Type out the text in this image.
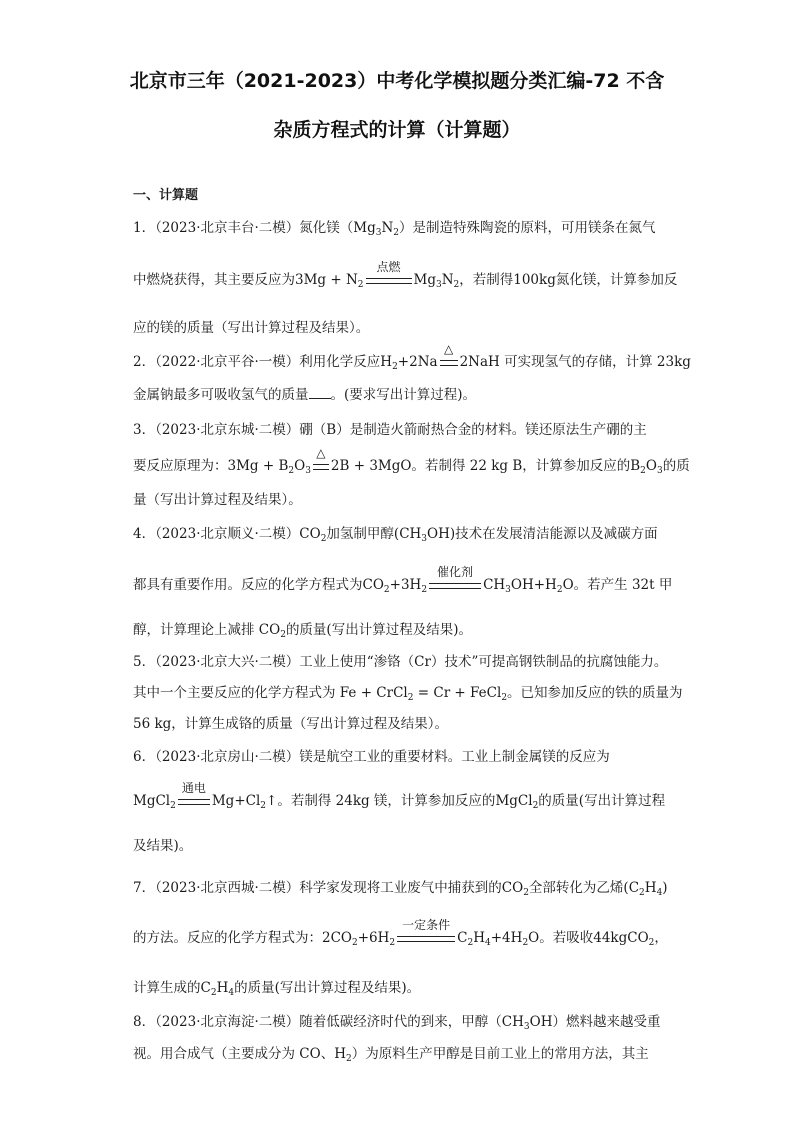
北京市三年（2021-2023）中考化学模拟题分类汇编-72 不含
杂质方程式的计算（计算题）
一、计算题
1．（2023·北京丰台·二模）氮化镁$(Mg_3N_2)$是制造特殊陶瓷的原料，可用镁条在氮气
中燃烧获得，其主要反应为$3Mg + N_2$
点燃
$Mg_3N_2$，若制得100kg氮化镁，计算参加反
应的镁的质量（写出计算过程及结果）。
2．（2022·北京平谷·一模）利用化学反应$H_2+2Na$
△
2NaH 可实现氢气的存储，计算 23kg
金属钠最多可吸收氢气的质量 。(要求写出计算过程)。
3．（2023·北京东城·二模）硼（B）是制造火箭耐热合金的材料。镁还原法生产硼的主
要反应原理为：$3Mg + B_2O_3$
△
2B + 3MgO。若制得 22 kg B，计算参加反应的$B_2O_3$的质
量（写出计算过程及结果）。
4．（2023·北京顺义·二模）$CO_2$加氢制甲醇$(CH_3OH)$技术在发展清洁能源以及减碳方面
都具有重要作用。反应的化学方程式为$CO_2+3H_2$
催化剂
$CH_3OH+H_2O$。若产生 32t 甲
醇，计算理论上减排 $CO_2$的质量(写出计算过程及结果)。
5．（2023·北京大兴·二模）工业上使用“渗铬（Cr）技术”可提高钢铁制品的抗腐蚀能力。
其中一个主要反应的化学方程式为 Fe + CrCl$_2$ = Cr + FeCl$_2$。已知参加反应的铁的质量为
56 kg，计算生成铬的质量（写出计算过程及结果）。
6．（2023·北京房山·二模）镁是航空工业的重要材料。工业上制金属镁的反应为
MgCl$_2$
通电
$Mg+Cl_2↑$。若制得 24kg 镁，计算参加反应的MgCl$_2$的质量(写出计算过程
及结果)。
7．（2023·北京西城·二模）科学家发现将工业废气中捕获到的$CO_2$全部转化为乙烯$(C_2H_4)$
的方法。反应的化学方程式为：$2CO_2+6H_2$
一定条件
$C_2H_4+4H_2O$。若吸收44kgCO$_2$，
计算生成的$C_2H_4$的质量(写出计算过程及结果)。
8．（2023·北京海淀·二模）随着低碳经济时代的到来，甲醇$(CH_3OH)$燃料越来越受重
视。用合成气（主要成分为 CO、$H_2$）为原料生产甲醇是目前工业上的常用方法，其主
